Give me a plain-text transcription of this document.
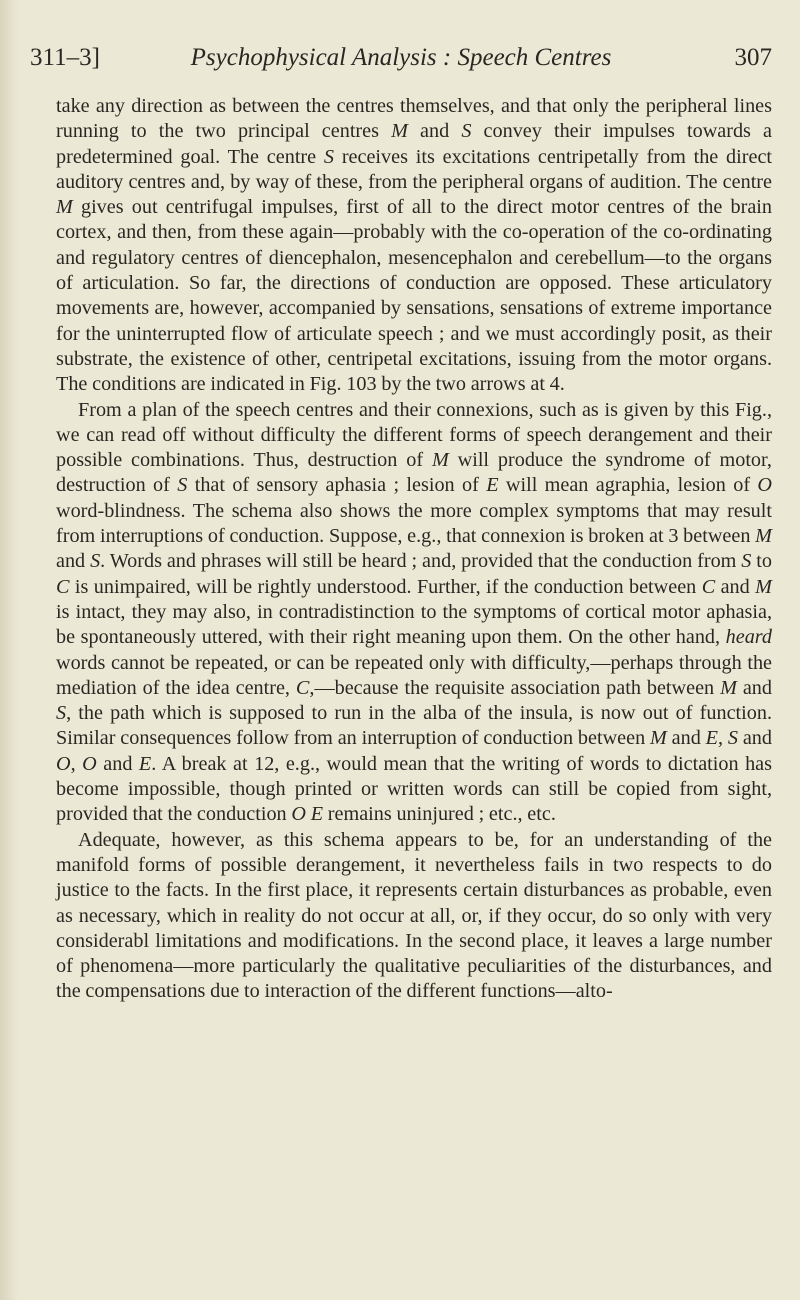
311–3]	Psychophysical Analysis : Speech Centres	307

take any direction as between the centres themselves, and that only the peripheral lines running to the two principal centres M and S convey their impulses towards a predetermined goal. The centre S receives its excitations centripetally from the direct auditory centres and, by way of these, from the peripheral organs of audition. The centre M gives out centrifugal impulses, first of all to the direct motor centres of the brain cortex, and then, from these again—probably with the co-operation of the co-ordinating and regulatory centres of diencephalon, mesencephalon and cerebellum—to the organs of articulation. So far, the directions of conduction are opposed. These articulatory movements are, however, accompanied by sensations, sensations of extreme importance for the uninterrupted flow of articulate speech ; and we must accordingly posit, as their substrate, the existence of other, centripetal excitations, issuing from the motor organs. The conditions are indicated in Fig. 103 by the two arrows at 4.

From a plan of the speech centres and their connexions, such as is given by this Fig., we can read off without difficulty the different forms of speech derangement and their possible combinations. Thus, destruction of M will produce the syndrome of motor, destruction of S that of sensory aphasia ; lesion of E will mean agraphia, lesion of O word-blindness. The schema also shows the more complex symptoms that may result from interruptions of conduction. Suppose, e.g., that connexion is broken at 3 between M and S. Words and phrases will still be heard ; and, provided that the conduction from S to C is unimpaired, will be rightly understood. Further, if the conduction between C and M is intact, they may also, in contradistinction to the symptoms of cortical motor aphasia, be spontaneously uttered, with their right meaning upon them. On the other hand, heard words cannot be repeated, or can be repeated only with difficulty,—perhaps through the mediation of the idea centre, C,—because the requisite association path between M and S, the path which is supposed to run in the alba of the insula, is now out of function. Similar consequences follow from an interruption of conduction between M and E, S and O, O and E. A break at 12, e.g., would mean that the writing of words to dictation has become impossible, though printed or written words can still be copied from sight, provided that the conduction O E remains uninjured ; etc., etc.

Adequate, however, as this schema appears to be, for an understanding of the manifold forms of possible derangement, it nevertheless fails in two respects to do justice to the facts. In the first place, it represents certain disturbances as probable, even as necessary, which in reality do not occur at all, or, if they occur, do so only with very considerabl limitations and modifications. In the second place, it leaves a large number of phenomena—more particularly the qualitative peculiarities of the disturbances, and the compensations due to interaction of the different functions—alto-
